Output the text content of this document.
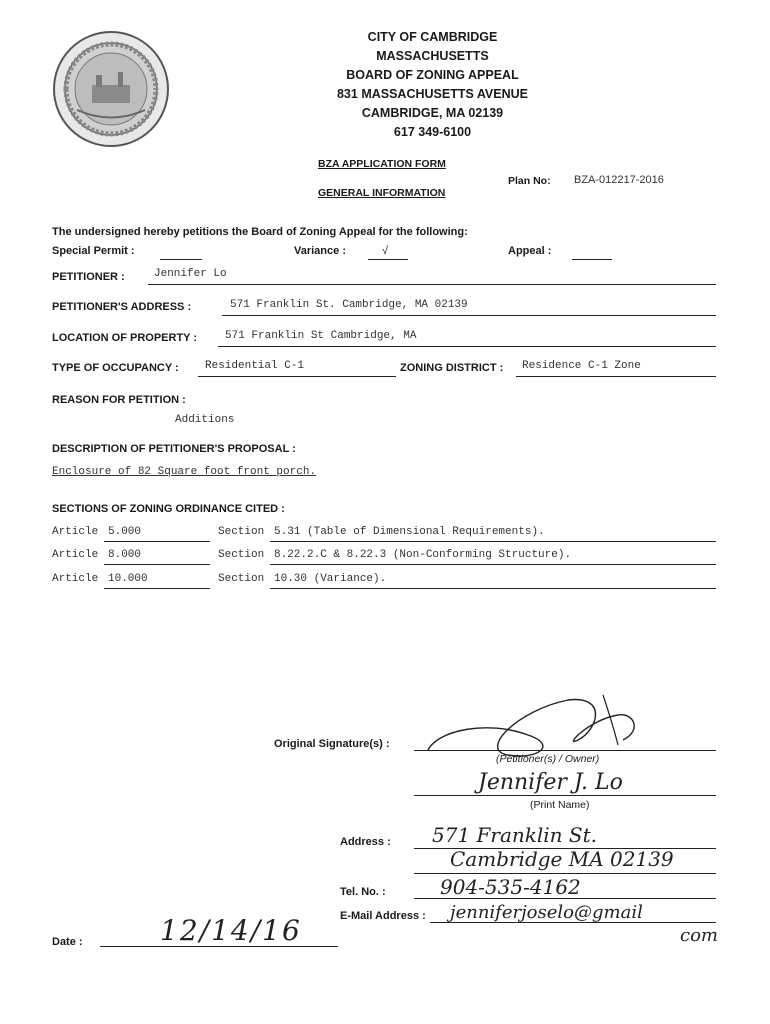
CITY OF CAMBRIDGE
MASSACHUSETTS
BOARD OF ZONING APPEAL
831 MASSACHUSETTS AVENUE
CAMBRIDGE, MA 02139
617 349-6100
BZA APPLICATION FORM
GENERAL INFORMATION
Plan No: BZA-012217-2016
The undersigned hereby petitions the Board of Zoning Appeal for the following:
Special Permit :	Variance :	√	Appeal :
PETITIONER :	Jennifer Lo
PETITIONER'S ADDRESS :	571 Franklin St. Cambridge, MA 02139
LOCATION OF PROPERTY :	571 Franklin St Cambridge, MA
TYPE OF OCCUPANCY : Residential C-1	ZONING DISTRICT : Residence C-1 Zone
REASON FOR PETITION :
Additions
DESCRIPTION OF PETITIONER'S PROPOSAL :
Enclosure of 82 Square foot front porch.
SECTIONS OF ZONING ORDINANCE CITED :
Article 5.000	Section 5.31 (Table of Dimensional Requirements).
Article 8.000	Section 8.22.2.C & 8.22.3 (Non-Conforming Structure).
Article 10.000	Section 10.30 (Variance).
Original Signature(s) :
(Petitioner(s) / Owner)
Jennifer J. Lo
(Print Name)
Address : 571 Franklin St.
Cambridge MA 02139
Tel. No. :	904-535-4162
E-Mail Address : jenniferjoselo@gmail
com
Date :	12/14/16
